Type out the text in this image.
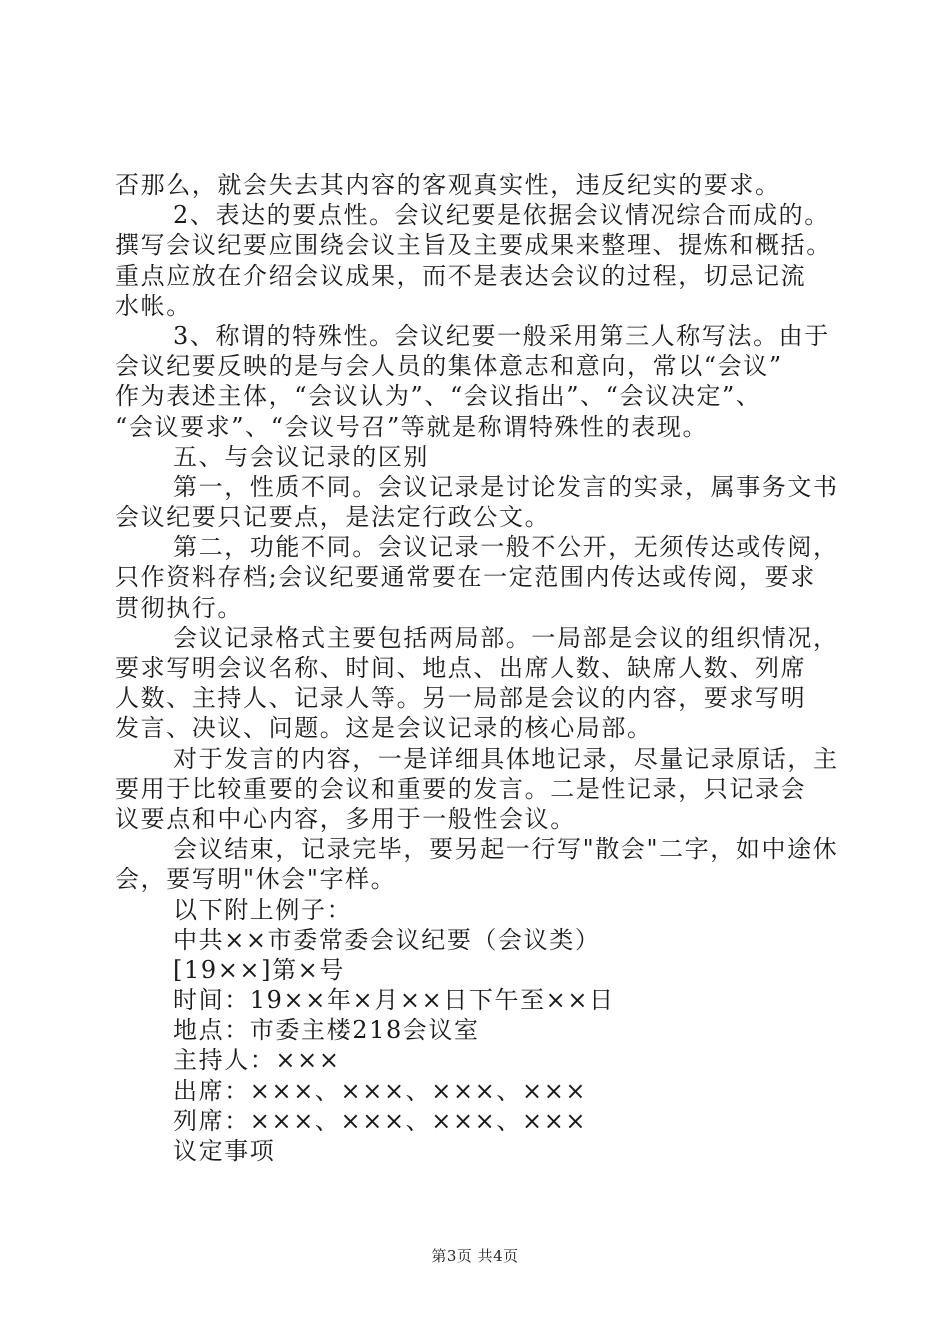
否那么，就会失去其内容的客观真实性，违反纪实的要求。
2、表达的要点性。会议纪要是依据会议情况综合而成的。
撰写会议纪要应围绕会议主旨及主要成果来整理、提炼和概括。
重点应放在介绍会议成果，而不是表达会议的过程，切忌记流
水帐。
3、称谓的特殊性。会议纪要一般采用第三人称写法。由于
会议纪要反映的是与会人员的集体意志和意向，常以“会议”
作为表述主体，“会议认为”、“会议指出”、“会议决定”、
“会议要求”、“会议号召”等就是称谓特殊性的表现。
五、与会议记录的区别
第一，性质不同。会议记录是讨论发言的实录，属事务文书
会议纪要只记要点，是法定行政公文。
第二，功能不同。会议记录一般不公开，无须传达或传阅，
只作资料存档;会议纪要通常要在一定范围内传达或传阅，要求
贯彻执行。
会议记录格式主要包括两局部。一局部是会议的组织情况，
要求写明会议名称、时间、地点、出席人数、缺席人数、列席
人数、主持人、记录人等。另一局部是会议的内容，要求写明
发言、决议、问题。这是会议记录的核心局部。
对于发言的内容，一是详细具体地记录，尽量记录原话，主
要用于比较重要的会议和重要的发言。二是性记录，只记录会
议要点和中心内容，多用于一般性会议。
会议结束，记录完毕，要另起一行写"散会"二字，如中途休
会，要写明"休会"字样。
以下附上例子：
中共××市委常委会议纪要（会议类）
[19××]第×号
时间：19××年×月××日下午至××日
地点：市委主楼218会议室
主持人：×××
出席：×××、×××、×××、×××
列席：×××、×××、×××、×××
议定事项
第3页 共4页
